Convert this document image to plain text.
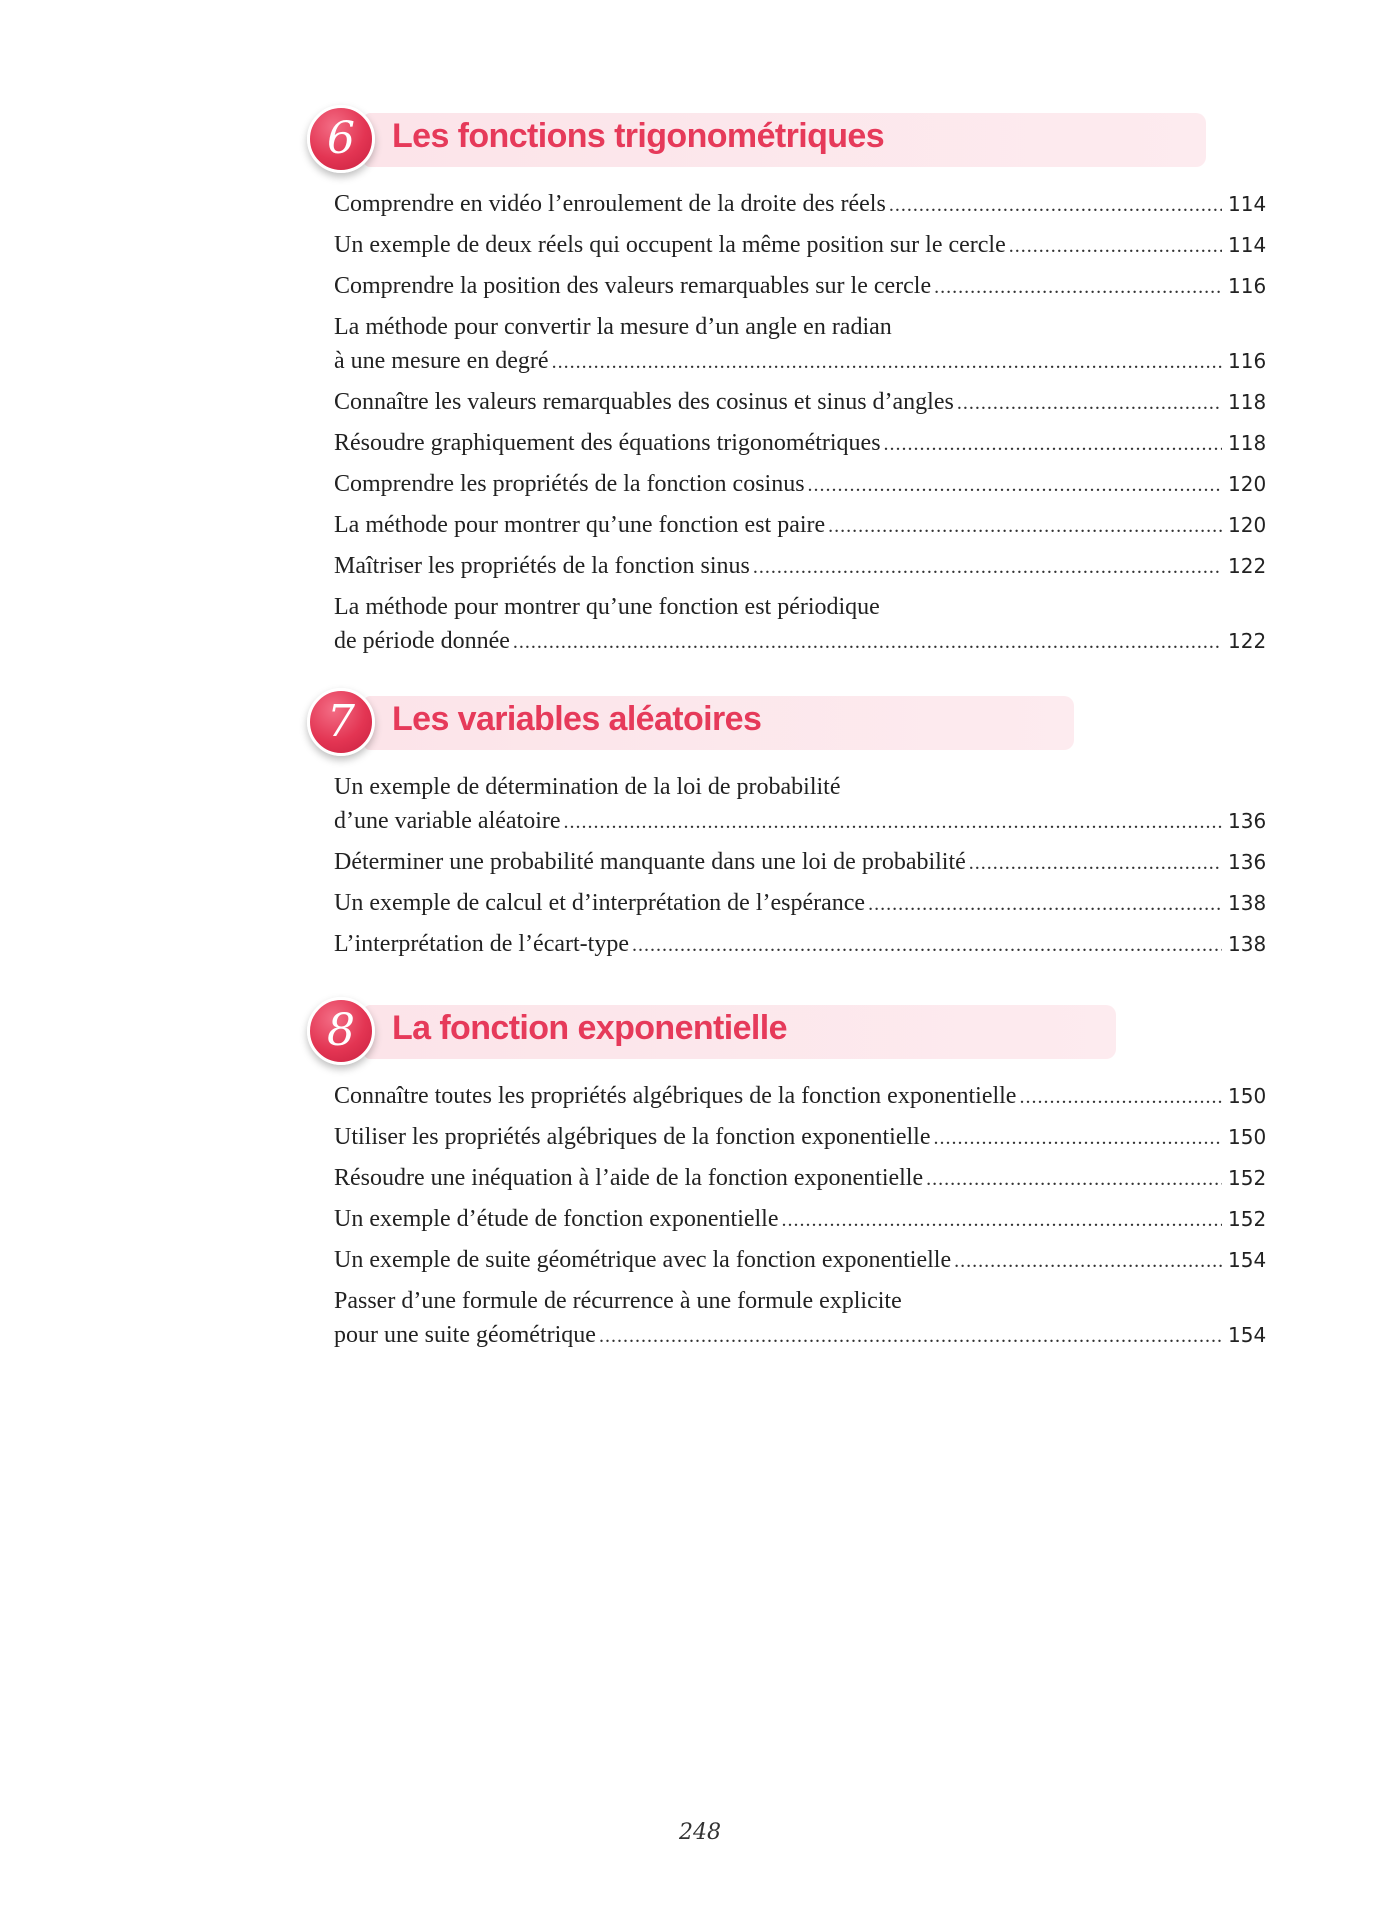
6	Les fonctions trigonométriques
Comprendre en vidéo l’enroulement de la droite des réels .....	114
Un exemple de deux réels qui occupent la même position sur le cercle .....	114
Comprendre la position des valeurs remarquables sur le cercle .....	116
La méthode pour convertir la mesure d’un angle en radian
à une mesure en degré .....	116
Connaître les valeurs remarquables des cosinus et sinus d’angles .....	118
Résoudre graphiquement des équations trigonométriques .....	118
Comprendre les propriétés de la fonction cosinus .....	120
La méthode pour montrer qu’une fonction est paire .....	120
Maîtriser les propriétés de la fonction sinus .....	122
La méthode pour montrer qu’une fonction est périodique
de période donnée .....	122
7	Les variables aléatoires
Un exemple de détermination de la loi de probabilité
d’une variable aléatoire .....	136
Déterminer une probabilité manquante dans une loi de probabilité .....	136
Un exemple de calcul et d’interprétation de l’espérance .....	138
L’interprétation de l’écart-type .....	138
8	La fonction exponentielle
Connaître toutes les propriétés algébriques de la fonction exponentielle .....	150
Utiliser les propriétés algébriques de la fonction exponentielle .....	150
Résoudre une inéquation à l’aide de la fonction exponentielle .....	152
Un exemple d’étude de fonction exponentielle .....	152
Un exemple de suite géométrique avec la fonction exponentielle .....	154
Passer d’une formule de récurrence à une formule explicite
pour une suite géométrique .....	154
248
